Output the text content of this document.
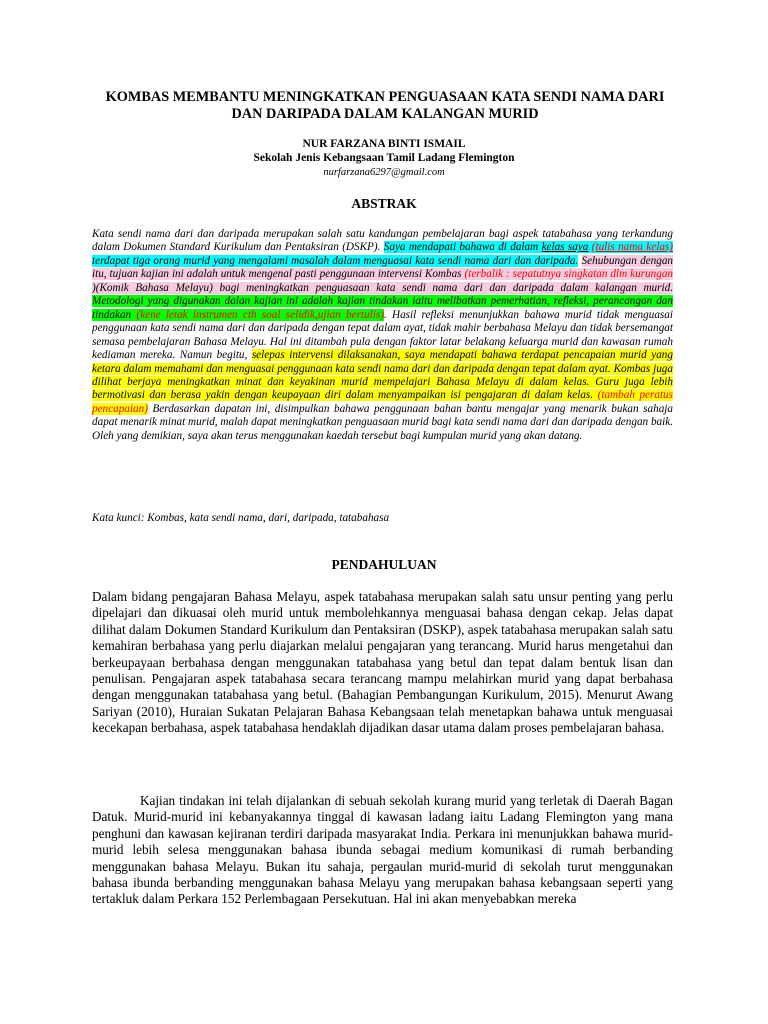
KOMBAS MEMBANTU MENINGKATKAN PENGUASAAN KATA SENDI NAMA DARI DAN DARIPADA DALAM KALANGAN MURID
NUR FARZANA BINTI ISMAIL
Sekolah Jenis Kebangsaan Tamil Ladang Flemington
nurfarzana6297@gmail.com
ABSTRAK
Kata sendi nama dari dan daripada merupakan salah satu kandungan pembelajaran bagi aspek tatabahasa yang terkandung dalam Dokumen Standard Kurikulum dan Pentaksiran (DSKP). Saya mendapati bahawa di dalam kelas saya (tulis nama kelas) terdapat tiga orang murid yang mengalami masalah dalam menguasai kata sendi nama dari dan daripada. Sehubungan dengan itu, tujuan kajian ini adalah untuk mengenal pasti penggunaan intervensi Kombas (terbalik : sepatutnya singkatan dlm kurungan )(Komik Bahasa Melayu) bagi meningkatkan penguasaan kata sendi nama dari dan daripada dalam kalangan murid. Metodologi yang digunakan dalan kajian ini adalah kajian tindakan iaitu melibatkan pemerhatian, refleksi, perancangan dan tindakan (kene letak instrumen cth soal selidik,ujian bertulis). Hasil refleksi menunjukkan bahawa murid tidak menguasai penggunaan kata sendi nama dari dan daripada dengan tepat dalam ayat, tidak mahir berbahasa Melayu dan tidak bersemangat semasa pembelajaran Bahasa Melayu. Hal ini ditambah pula dengan faktor latar belakang keluarga murid dan kawasan rumah kediaman mereka. Namun begitu, selepas intervensi dilaksanakan, saya mendapati bahawa terdapat pencapaian murid yang ketara dalam memahami dan menguasai penggunaan kata sendi nama dari dan daripada dengan tepat dalam ayat. Kombas juga dilihat berjaya meningkatkan minat dan keyakinan murid mempelajari Bahasa Melayu di dalam kelas. Guru juga lebih bermotivasi dan berasa yakin dengan keupayaan diri dalam menyampaikan isi pengajaran di dalam kelas. (tambah peratus pencapaian) Berdasarkan dapatan ini, disimpulkan bahawa penggunaan bahan bantu mengajar yang menarik bukan sahaja dapat menarik minat murid, malah dapat meningkatkan penguasaan murid bagi kata sendi nama dari dan daripada dengan baik. Oleh yang demikian, saya akan terus menggunakan kaedah tersebut bagi kumpulan murid yang akan datang.
Kata kunci: Kombas, kata sendi nama, dari, daripada, tatabahasa
PENDAHULUAN
Dalam bidang pengajaran Bahasa Melayu, aspek tatabahasa merupakan salah satu unsur penting yang perlu dipelajari dan dikuasai oleh murid untuk membolehkannya menguasai bahasa dengan cekap. Jelas dapat dilihat dalam Dokumen Standard Kurikulum dan Pentaksiran (DSKP), aspek tatabahasa merupakan salah satu kemahiran berbahasa yang perlu diajarkan melalui pengajaran yang terancang. Murid harus mengetahui dan berkeupayaan berbahasa dengan menggunakan tatabahasa yang betul dan tepat dalam bentuk lisan dan penulisan. Pengajaran aspek tatabahasa secara terancang mampu melahirkan murid yang dapat berbahasa dengan menggunakan tatabahasa yang betul. (Bahagian Pembangungan Kurikulum, 2015). Menurut Awang Sariyan (2010), Huraian Sukatan Pelajaran Bahasa Kebangsaan telah menetapkan bahawa untuk menguasai kecekapan berbahasa, aspek tatabahasa hendaklah dijadikan dasar utama dalam proses pembelajaran bahasa.
Kajian tindakan ini telah dijalankan di sebuah sekolah kurang murid yang terletak di Daerah Bagan Datuk. Murid-murid ini kebanyakannya tinggal di kawasan ladang iaitu Ladang Flemington yang mana penghuni dan kawasan kejiranan terdiri daripada masyarakat India. Perkara ini menunjukkan bahawa murid-murid lebih selesa menggunakan bahasa ibunda sebagai medium komunikasi di rumah berbanding menggunakan bahasa Melayu. Bukan itu sahaja, pergaulan murid-murid di sekolah turut menggunakan bahasa ibunda berbanding menggunakan bahasa Melayu yang merupakan bahasa kebangsaan seperti yang tertakluk dalam Perkara 152 Perlembagaan Persekutuan. Hal ini akan menyebabkan mereka
